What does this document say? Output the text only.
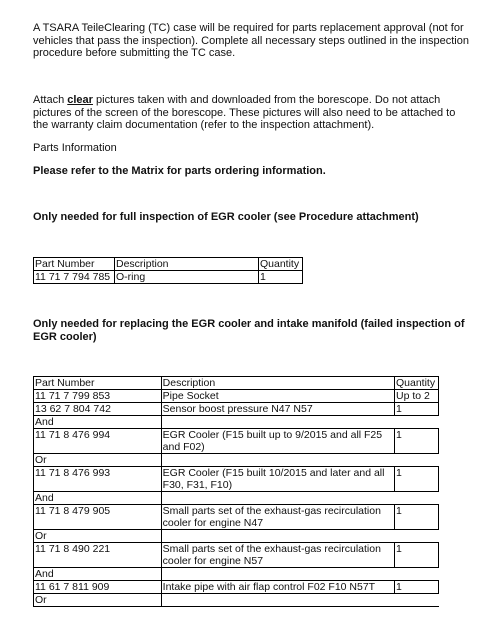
A TSARA TeileClearing (TC) case will be required for parts replacement approval (not for vehicles that pass the inspection). Complete all necessary steps outlined in the inspection procedure before submitting the TC case.

Attach clear pictures taken with and downloaded from the borescope. Do not attach pictures of the screen of the borescope. These pictures will also need to be attached to the warranty claim documentation (refer to the inspection attachment).

Parts Information

Please refer to the Matrix for parts ordering information.

Only needed for full inspection of EGR cooler (see Procedure attachment)

Part Number	Description	Quantity
11 71 7 794 785	O-ring	1

Only needed for replacing the EGR cooler and intake manifold (failed inspection of EGR cooler)

Part Number	Description	Quantity
11 71 7 799 853	Pipe Socket	Up to 2
13 62 7 804 742	Sensor boost pressure N47 N57	1
And		
11 71 8 476 994	EGR Cooler (F15 built up to 9/2015 and all F25 and F02)	1
Or		
11 71 8 476 993	EGR Cooler (F15 built 10/2015 and later and all F30, F31, F10)	1
And		
11 71 8 479 905	Small parts set of the exhaust-gas recirculation cooler for engine N47	1
Or		
11 71 8 490 221	Small parts set of the exhaust-gas recirculation cooler for engine N57	1
And		
11 61 7 811 909	Intake pipe with air flap control F02 F10 N57T	1
Or		
